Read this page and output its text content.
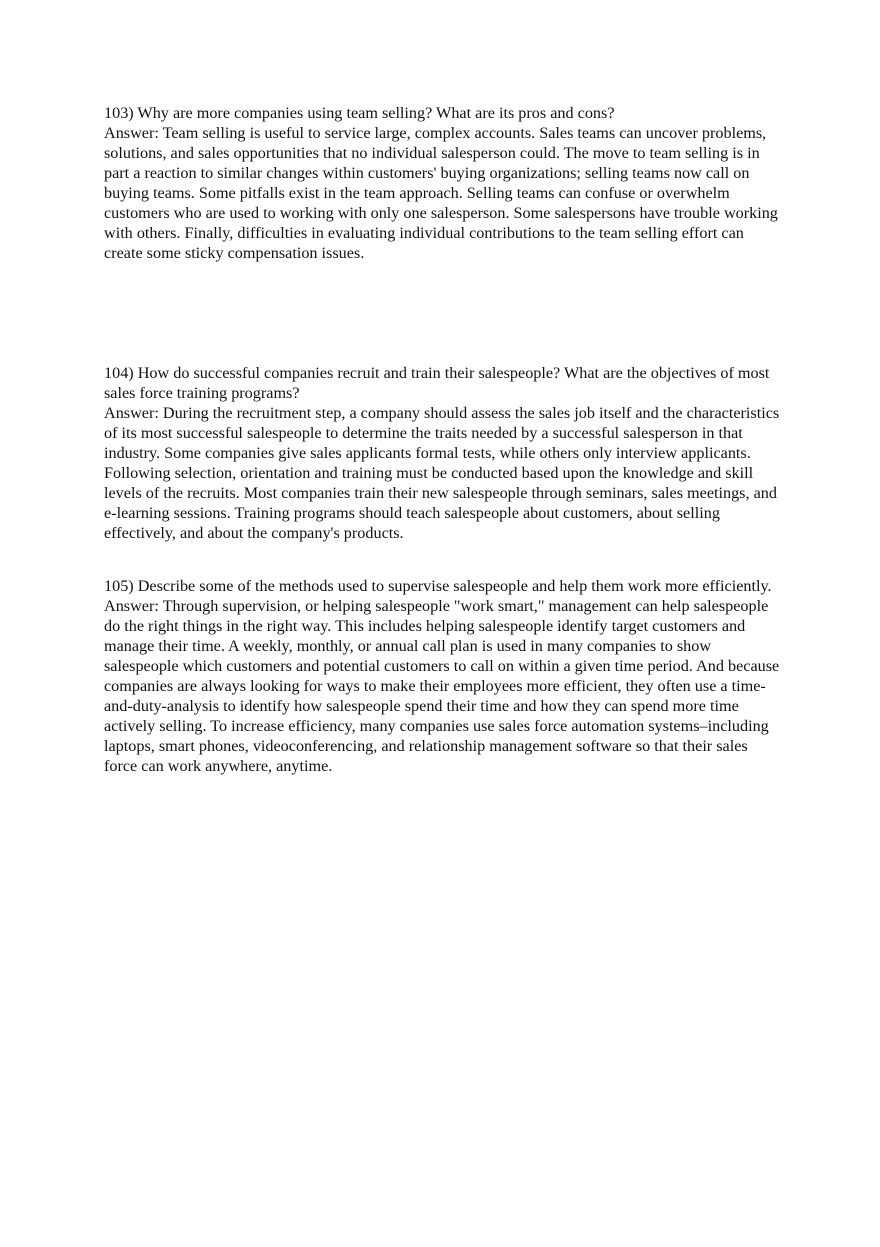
103) Why are more companies using team selling? What are its pros and cons?

Answer: Team selling is useful to service large, complex accounts. Sales teams can uncover problems, solutions, and sales opportunities that no individual salesperson could. The move to team selling is in part a reaction to similar changes within customers' buying organizations; selling teams now call on buying teams. Some pitfalls exist in the team approach. Selling teams can confuse or overwhelm customers who are used to working with only one salesperson. Some salespersons have trouble working with others. Finally, difficulties in evaluating individual contributions to the team selling effort can create some sticky compensation issues.

104) How do successful companies recruit and train their salespeople? What are the objectives of most sales force training programs?

Answer: During the recruitment step, a company should assess the sales job itself and the characteristics of its most successful salespeople to determine the traits needed by a successful salesperson in that industry. Some companies give sales applicants formal tests, while others only interview applicants. Following selection, orientation and training must be conducted based upon the knowledge and skill levels of the recruits. Most companies train their new salespeople through seminars, sales meetings, and e-learning sessions. Training programs should teach salespeople about customers, about selling effectively, and about the company's products.

105) Describe some of the methods used to supervise salespeople and help them work more efficiently.

Answer: Through supervision, or helping salespeople "work smart," management can help salespeople do the right things in the right way. This includes helping salespeople identify target customers and manage their time. A weekly, monthly, or annual call plan is used in many companies to show salespeople which customers and potential customers to call on within a given time period. And because companies are always looking for ways to make their employees more efficient, they often use a time-and-duty-analysis to identify how salespeople spend their time and how they can spend more time actively selling. To increase efficiency, many companies use sales force automation systems–including laptops, smart phones, videoconferencing, and relationship management software so that their sales force can work anywhere, anytime.
